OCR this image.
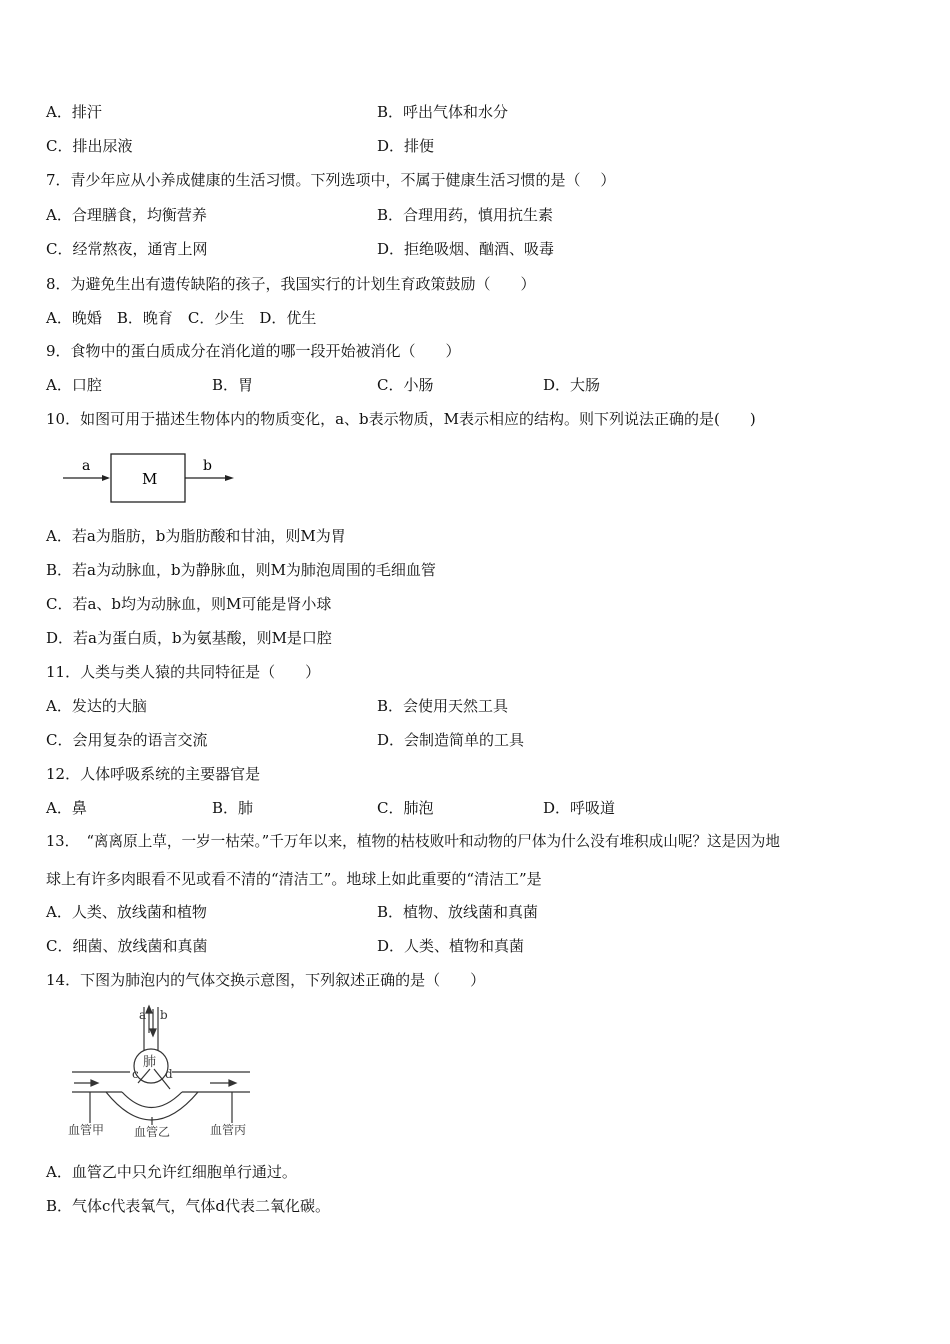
A．排汗	B．呼出气体和水分
C．排出尿液	D．排便
7．青少年应从小养成健康的生活习惯。下列选项中，不属于健康生活习惯的是（　 ）
A．合理膳食，均衡营养	B．合理用药，慎用抗生素
C．经常熬夜，通宵上网	D．拒绝吸烟、酗酒、吸毒
8．为避免生出有遗传缺陷的孩子，我国实行的计划生育政策鼓励（　　）
A．晚婚　B．晚育　C．少生　D．优生
9．食物中的蛋白质成分在消化道的哪一段开始被消化（　　）
A．口腔	B．胃	C．小肠	D．大肠
10．如图可用于描述生物体内的物质变化，a、b表示物质，M表示相应的结构。则下列说法正确的是(　　)
a
M
b
A．若a为脂肪，b为脂肪酸和甘油，则M为胃
B．若a为动脉血，b为静脉血，则M为肺泡周围的毛细血管
C．若a、b均为动脉血，则M可能是肾小球
D．若a为蛋白质，b为氨基酸，则M是口腔
11．人类与类人猿的共同特征是（　　）
A．发达的大脑	B．会使用天然工具
C．会用复杂的语言交流	D．会制造简单的工具
12．人体呼吸系统的主要器官是
A．鼻	B．肺	C．肺泡	D．呼吸道
13．　“离离原上草，一岁一枯荣。”千万年以来，植物的枯枝败叶和动物的尸体为什么没有堆积成山呢？这是因为地
球上有许多肉眼看不见或看不清的“清洁工”。地球上如此重要的“清洁工”是
A．人类、放线菌和植物	B．植物、放线菌和真菌
C．细菌、放线菌和真菌	D．人类、植物和真菌
14．下图为肺泡内的气体交换示意图，下列叙述正确的是（　　）
a b
肺
c d
血管甲 血管乙	血管丙
A．血管乙中只允许红细胞单行通过。
B．气体c代表氧气，气体d代表二氧化碳。
